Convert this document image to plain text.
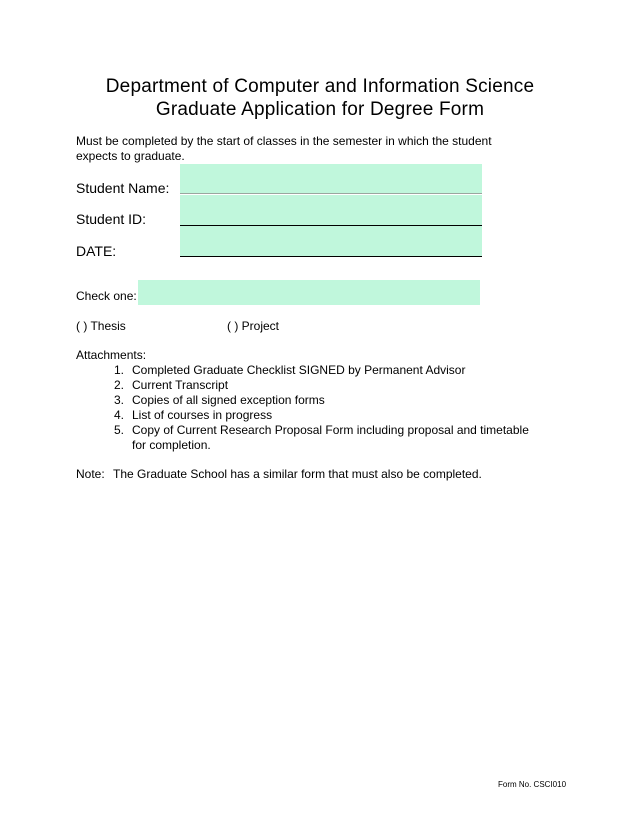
Department of Computer and Information Science
Graduate Application for Degree Form
Must be completed by the start of classes in the semester in which the student expects to graduate.
Student Name:
Student ID:
DATE:
Check one:
( ) Thesis	( ) Project
Attachments:
1. Completed Graduate Checklist SIGNED by Permanent Advisor
2. Current Transcript
3. Copies of all signed exception forms
4. List of courses in progress
5. Copy of Current Research Proposal Form including proposal and timetable for completion.
Note: The Graduate School has a similar form that must also be completed.
Form No. CSCI010
